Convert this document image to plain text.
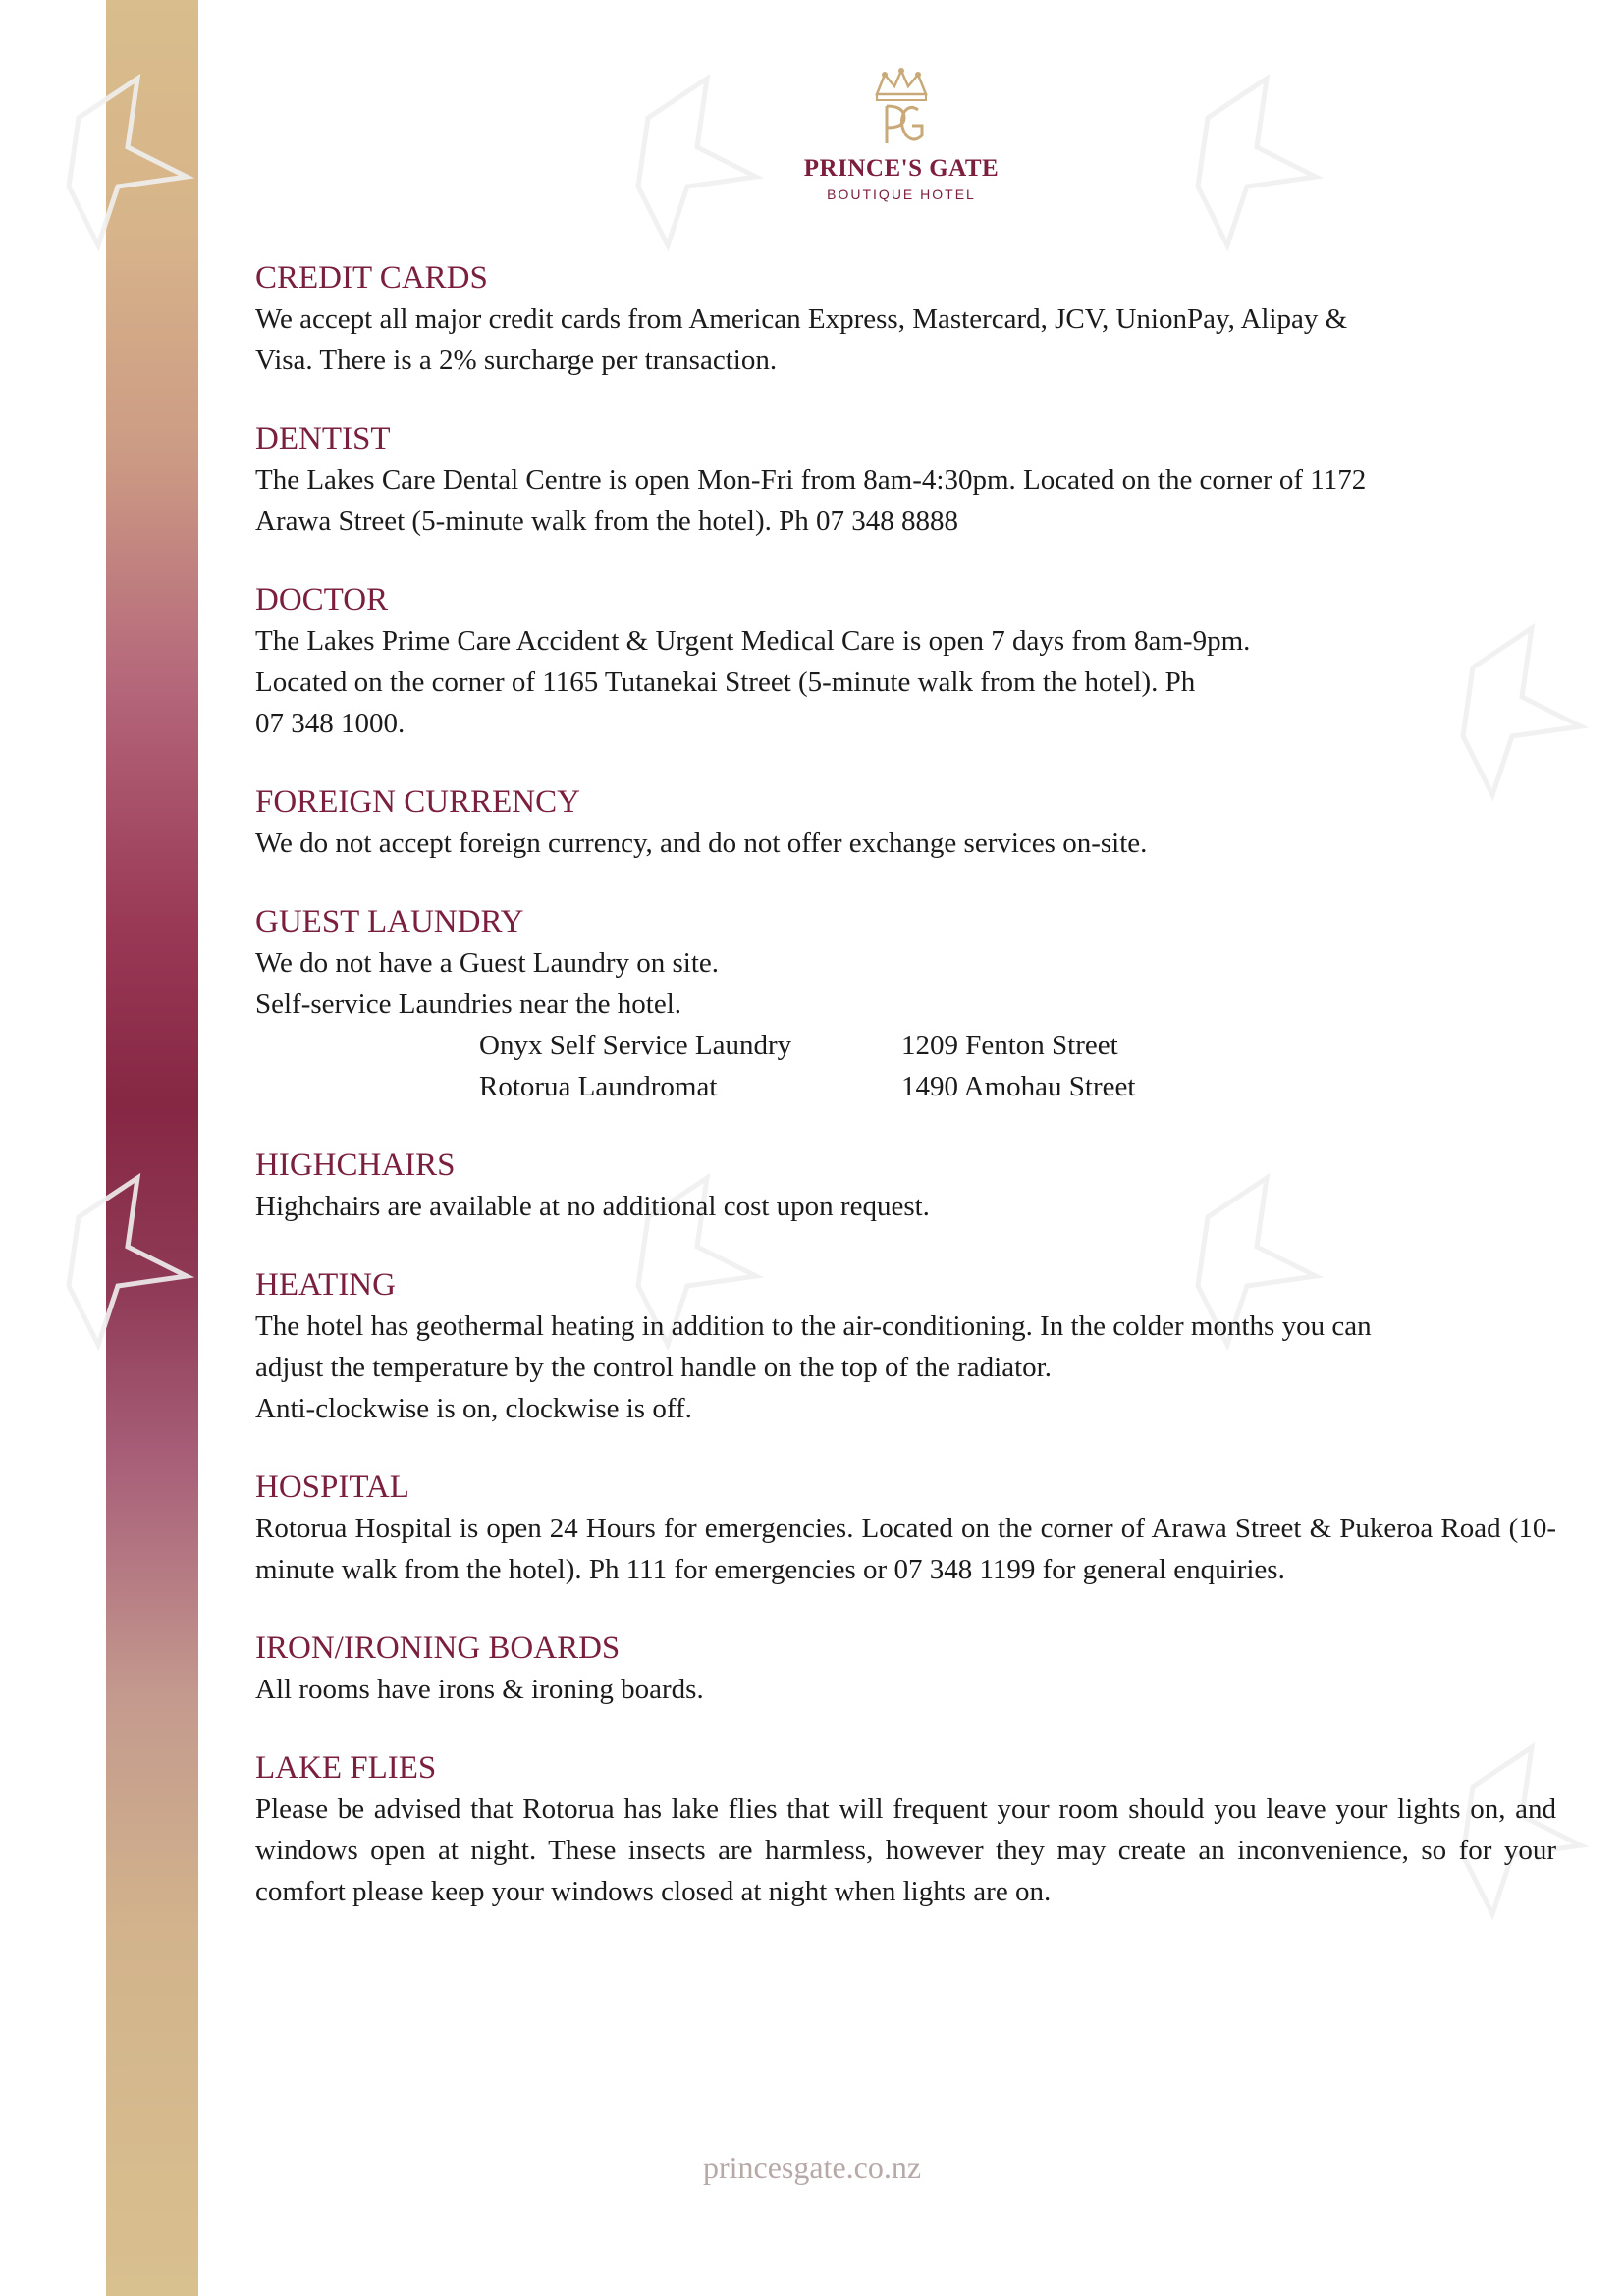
PRINCE'S GATE
BOUTIQUE HOTEL
CREDIT CARDS
We accept all major credit cards from American Express, Mastercard, JCV, UnionPay, Alipay &
Visa. There is a 2% surcharge per transaction.
DENTIST
The Lakes Care Dental Centre is open Mon-Fri from 8am-4:30pm. Located on the corner of 1172
Arawa Street (5-minute walk from the hotel). Ph 07 348 8888
DOCTOR
The Lakes Prime Care Accident & Urgent Medical Care is open 7 days from 8am-9pm.
Located on the corner of 1165 Tutanekai Street (5-minute walk from the hotel). Ph
07 348 1000.
FOREIGN CURRENCY
We do not accept foreign currency, and do not offer exchange services on-site.
GUEST LAUNDRY
We do not have a Guest Laundry on site.
Self-service Laundries near the hotel.
Onyx Self Service Laundry	1209 Fenton Street
Rotorua Laundromat	1490 Amohau Street
HIGHCHAIRS
Highchairs are available at no additional cost upon request.
HEATING
The hotel has geothermal heating in addition to the air-conditioning. In the colder months you can
adjust the temperature by the control handle on the top of the radiator.
Anti-clockwise is on, clockwise is off.
HOSPITAL
Rotorua Hospital is open 24 Hours for emergencies. Located on the corner of Arawa Street & Pukeroa Road (10-minute walk from the hotel). Ph 111 for emergencies or 07 348 1199 for general enquiries.
IRON/IRONING BOARDS
All rooms have irons & ironing boards.
LAKE FLIES
Please be advised that Rotorua has lake flies that will frequent your room should you leave your lights on, and windows open at night. These insects are harmless, however they may create an inconvenience, so for your comfort please keep your windows closed at night when lights are on.
princesgate.co.nz
